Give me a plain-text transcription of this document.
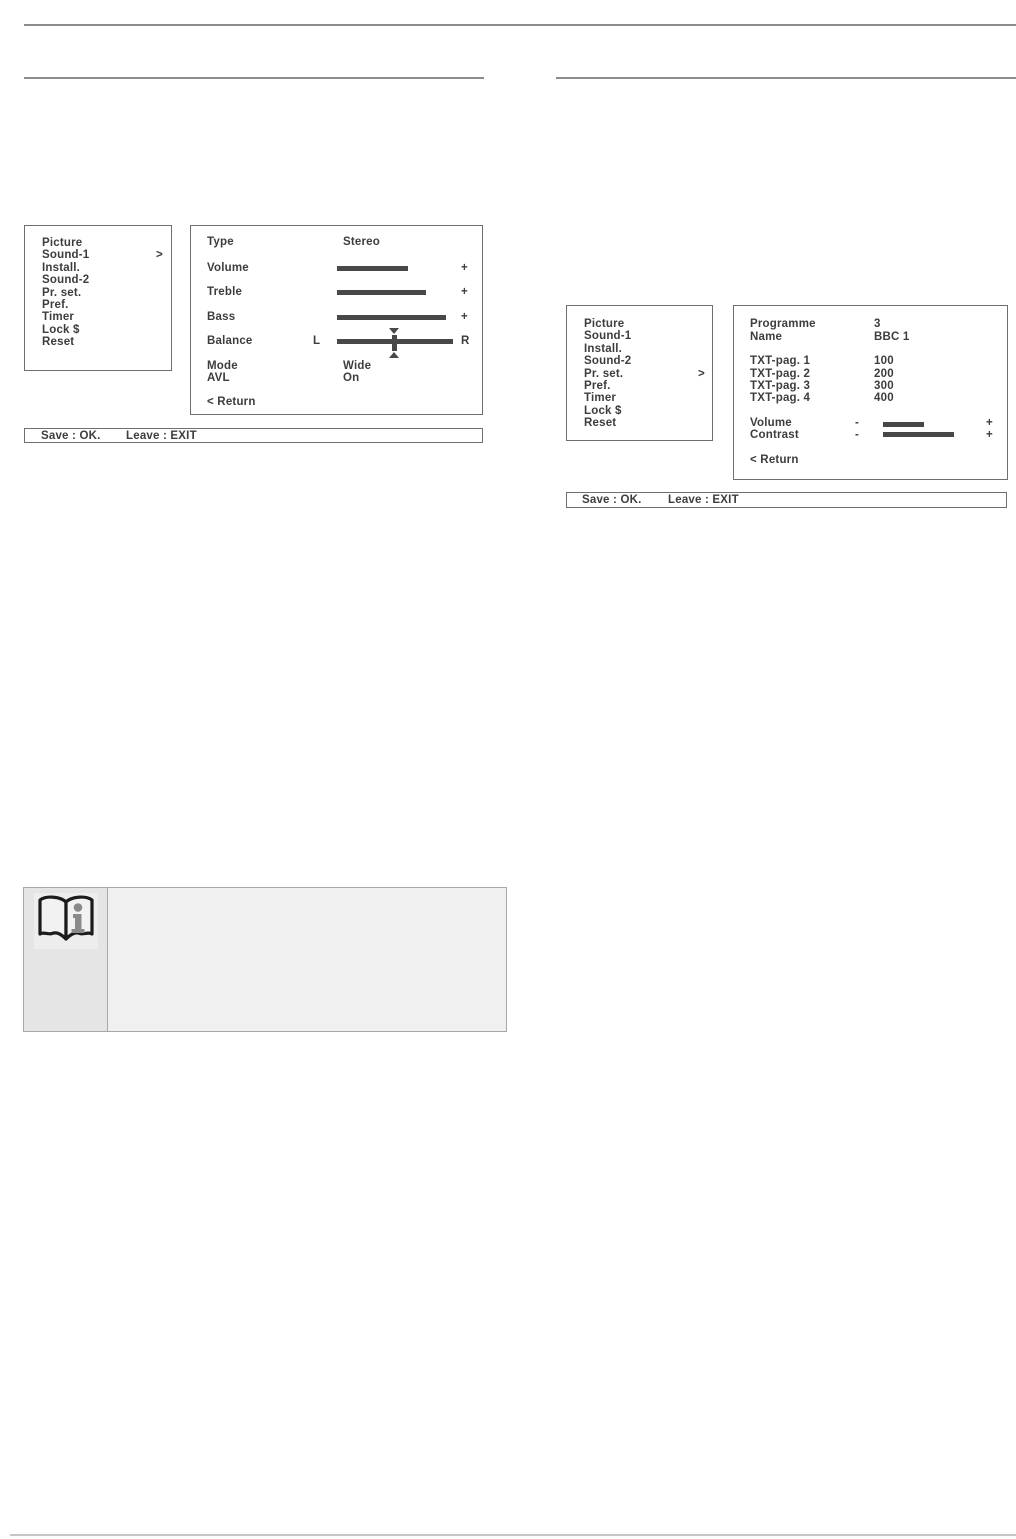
Picture
Sound-1	>
Install.
Sound-2
Pr. set.
Pref.
Timer
Lock $
Reset
Type	Stereo
Volume	+
Treble	+
Bass	+
Balance	L	R
Mode	Wide
AVL	On
< Return
Save : OK. Leave : EXIT
Picture
Sound-1
Install.
Sound-2
Pr. set.	>
Pref.
Timer
Lock $
Reset
Programme	3
Name	BBC 1
TXT-pag. 1	100
TXT-pag. 2	200
TXT-pag. 3	300
TXT-pag. 4	400
Volume	-	+
Contrast	-	+
< Return
Save : OK. Leave : EXIT
